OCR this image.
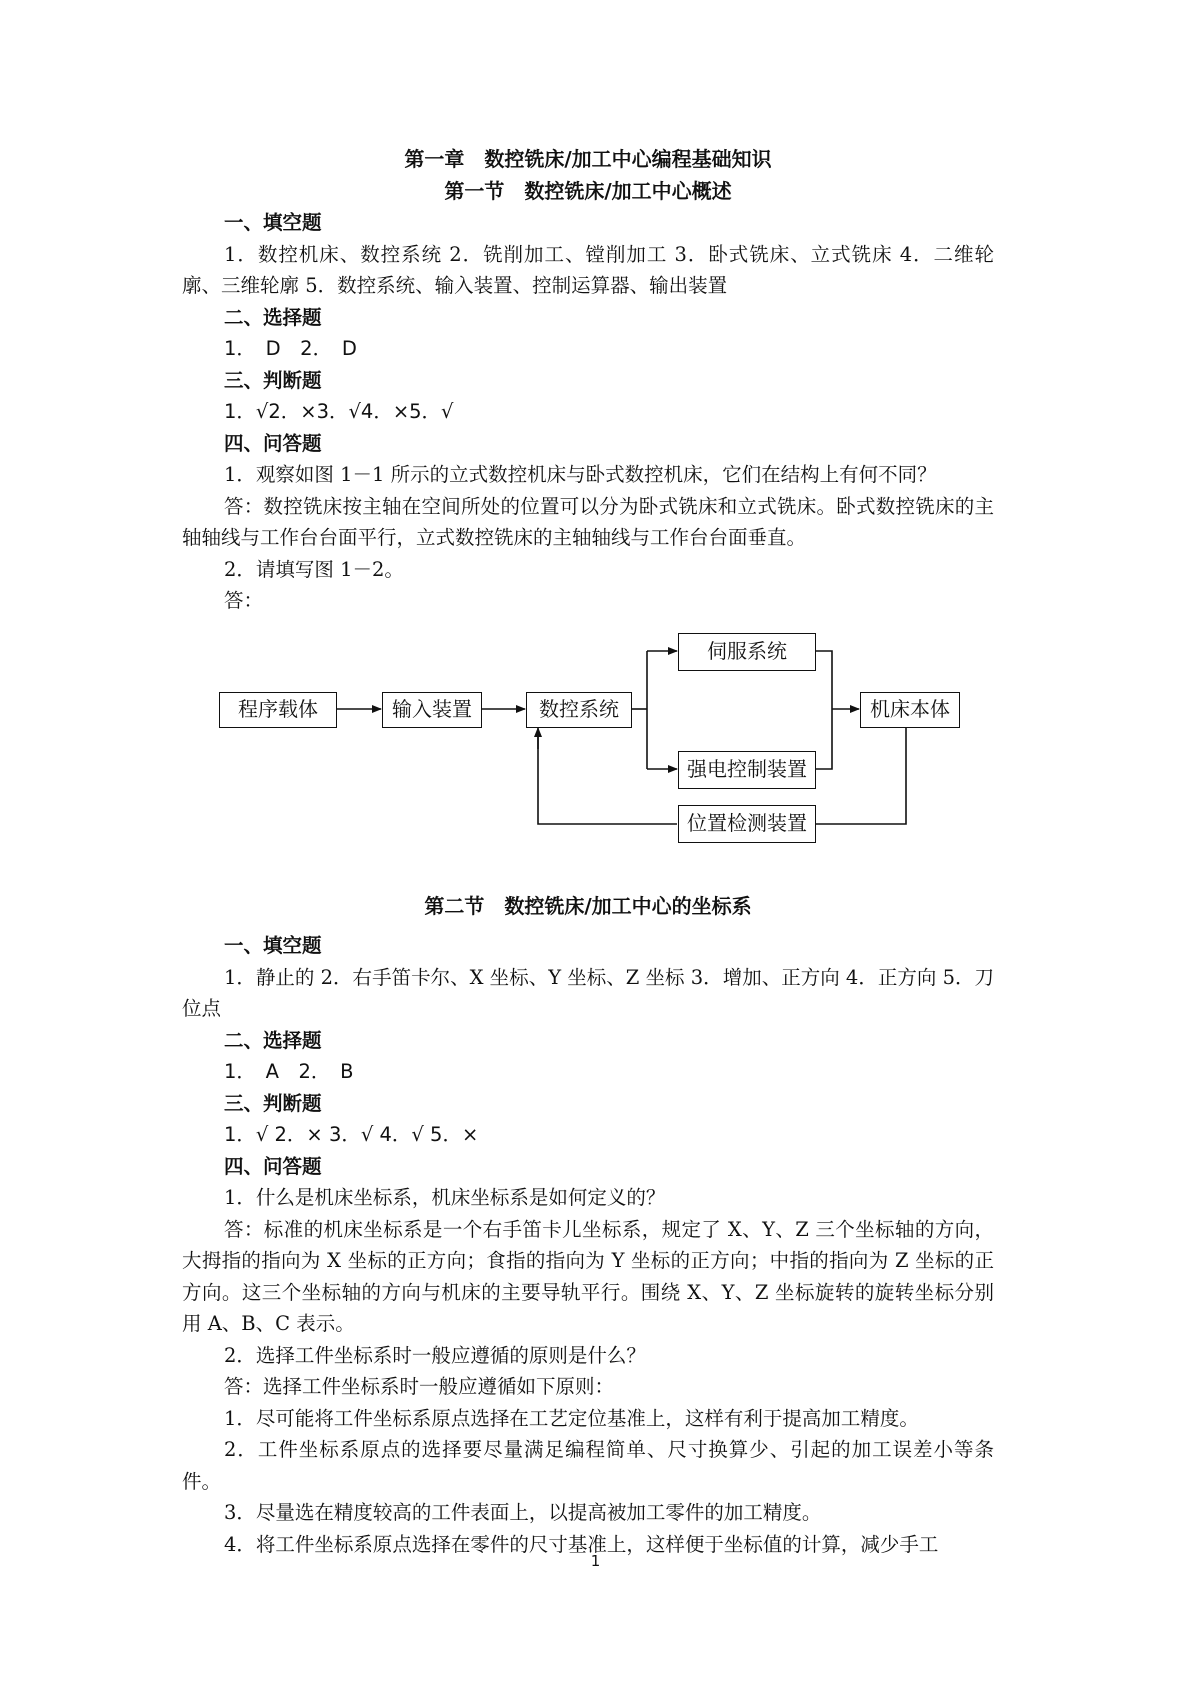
第一章　数控铣床/加工中心编程基础知识

第一节　数控铣床/加工中心概述

一、填空题

1．数控机床、数控系统 2．铣削加工、镗削加工 3．卧式铣床、立式铣床 4．二维轮廓、三维轮廓 5．数控系统、输入装置、控制运算器、输出装置

二、选择题

1．　D　2．　D

三、判断题

1．√2．×3．√4．×5．√

四、问答题

1．观察如图 1－1 所示的立式数控机床与卧式数控机床，它们在结构上有何不同？

答：数控铣床按主轴在空间所处的位置可以分为卧式铣床和立式铣床。卧式数控铣床的主轴轴线与工作台台面平行，立式数控铣床的主轴轴线与工作台台面垂直。

2．请填写图 1－2。

答：

程序载体	输入装置	数控系统
伺服系统
强电控制装置
机床本体
位置检测装置

第二节　数控铣床/加工中心的坐标系

一、填空题

1．静止的 2．右手笛卡尔、X 坐标、Y 坐标、Z 坐标 3．增加、正方向 4．正方向 5．刀位点

二、选择题

1．　A　2．　B

三、判断题

1．√ 2．× 3．√ 4．√ 5．×

四、问答题

1．什么是机床坐标系，机床坐标系是如何定义的？

答：标准的机床坐标系是一个右手笛卡儿坐标系，规定了 X、Y、Z 三个坐标轴的方向，大拇指的指向为 X 坐标的正方向；食指的指向为 Y 坐标的正方向；中指的指向为 Z 坐标的正方向。这三个坐标轴的方向与机床的主要导轨平行。围绕 X、Y、Z 坐标旋转的旋转坐标分别用 A、B、C 表示。

2．选择工件坐标系时一般应遵循的原则是什么？

答：选择工件坐标系时一般应遵循如下原则：

1．尽可能将工件坐标系原点选择在工艺定位基准上，这样有利于提高加工精度。

2．工件坐标系原点的选择要尽量满足编程简单、尺寸换算少、引起的加工误差小等条件。

3．尽量选在精度较高的工件表面上，以提高被加工零件的加工精度。

4．将工件坐标系原点选择在零件的尺寸基准上，这样便于坐标值的计算，减少手工

1
